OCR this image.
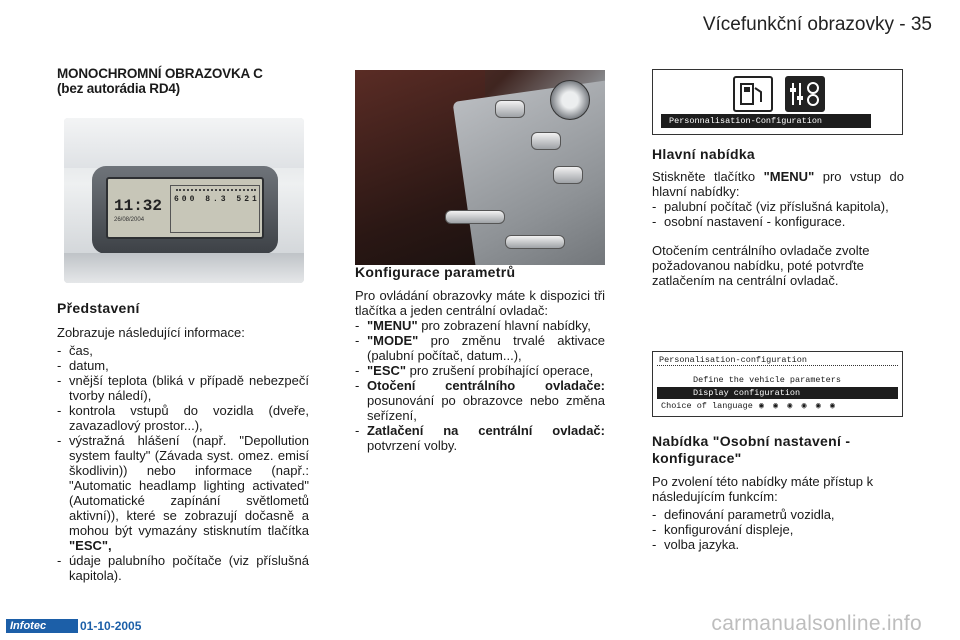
Vícefunkční obrazovky - 35
MONOCHROMNÍ OBRAZOVKA C
(bez autorádia RD4)
11:32
26/08/2004
600 8.3 521
Představení
Zobrazuje následující informace:
- čas,
- datum,
- vnější teplota (bliká v případě nebezpečí tvorby náledí),
- kontrola vstupů do vozidla (dveře, zavazadlový prostor...),
- výstražná hlášení (např. "Depollution system faulty" (Závada syst. omez. emisí škodlivin)) nebo informace (např.: "Automatic headlamp lighting activated" (Automatické zapínání světlometů aktivní)), které se zobrazují dočasně a mohou být vymazány stisknutím tlačítka "ESC",
- údaje palubního počítače (viz příslušná kapitola).
Konfigurace parametrů
Pro ovládání obrazovky máte k dispozici tři tlačítka a jeden centrální ovladač:
- "MENU" pro zobrazení hlavní nabídky,
- "MODE" pro změnu trvalé aktivace (palubní počítač, datum...),
- "ESC" pro zrušení probíhající operace,
- Otočení centrálního ovladače: posunování po obrazovce nebo změna seřízení,
- Zatlačení na centrální ovladač: potvrzení volby.
Personnalisation-Configuration
Hlavní nabídka
Stiskněte tlačítko "MENU" pro vstup do hlavní nabídky:
- palubní počítač (viz příslušná kapitola),
- osobní nastavení - konfigurace.
Otočením centrálního ovladače zvolte požadovanou nabídku, poté potvrďte zatlačením na centrální ovladač.
Personalisation-configuration
Define the vehicle parameters
Display configuration
Choice of language ◉ ◉ ◉ ◉ ◉ ◉
Nabídka "Osobní nastavení - konfigurace"
Po zvolení této nabídky máte přístup k následujícím funkcím:
- definování parametrů vozidla,
- konfigurování displeje,
- volba jazyka.
Infotec	01-10-2005	carmanualsonline.info
